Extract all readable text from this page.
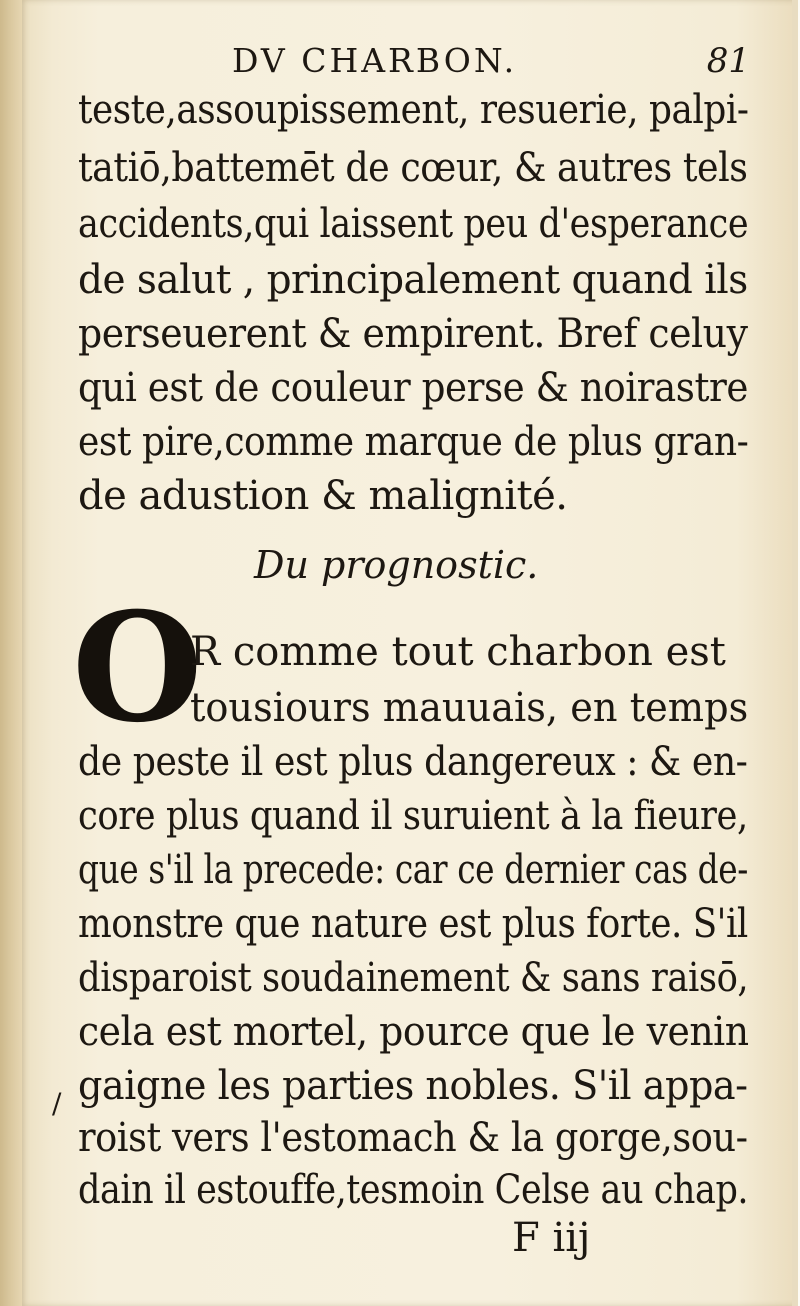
DV CHARBON.	81
teste,assoupissement, resuerie, palpi-
tatiō,battemēt de cœur, & autres tels
accidents,qui laissent peu d'esperance
de salut , principalement quand ils
perseuerent & empirent. Bref celuy
qui est de couleur perse & noirastre
est pire,comme marque de plus gran-
de adustion & malignité.
Du prognostic.
O
R comme tout charbon est
tousiours mauuais, en temps
de peste il est plus dangereux : & en-
core plus quand il suruient à la fieure,
que s'il la precede: car ce dernier cas de-
monstre que nature est plus forte. S'il
disparoist soudainement & sans raisō,
cela est mortel, pource que le venin
gaigne les parties nobles. S'il appa-
roist vers l'estomach & la gorge,sou-
dain il estouffe,tesmoin Celse au chap.
/
F iij
